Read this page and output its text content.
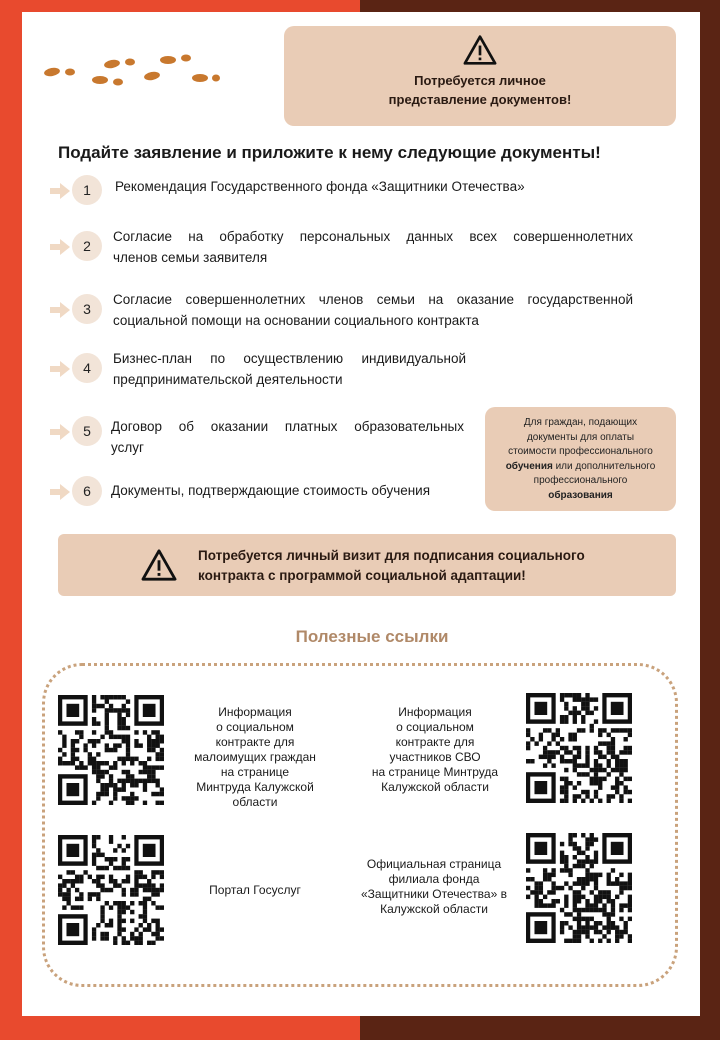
Потребуется личное
представление документов!
Подайте заявление и приложите к нему следующие документы!
1	Рекомендация Государственного фонда «Защитники Отечества»
2
Согласие на обработку персональных данных всех совершеннолетних
членов семьи заявителя
3
Согласие совершеннолетних членов семьи на оказание государственной
социальной помощи на основании социального контракта
4
Бизнес-план по осуществлению индивидуальной
предпринимательской деятельности
5	Договор об оказании платных образовательных
услуг
6	Документы, подтверждающие стоимость обучения
Для граждан, подающих
документы для оплаты
стоимости профессионального
обучения или дополнительного
профессионального
образования
Потребуется личный визит для подписания социального
контракта с программой социальной адаптации!
Полезные ссылки
Информация
о социальном
контракте для
малоимущих граждан
на странице
Минтруда Калужской
области
Информация
о социальном
контракте для
участников СВО
на странице Минтруда
Калужской области
Портал Госуслуг
Официальная страница
филиала фонда
«Защитники Отечества» в
Калужской области
